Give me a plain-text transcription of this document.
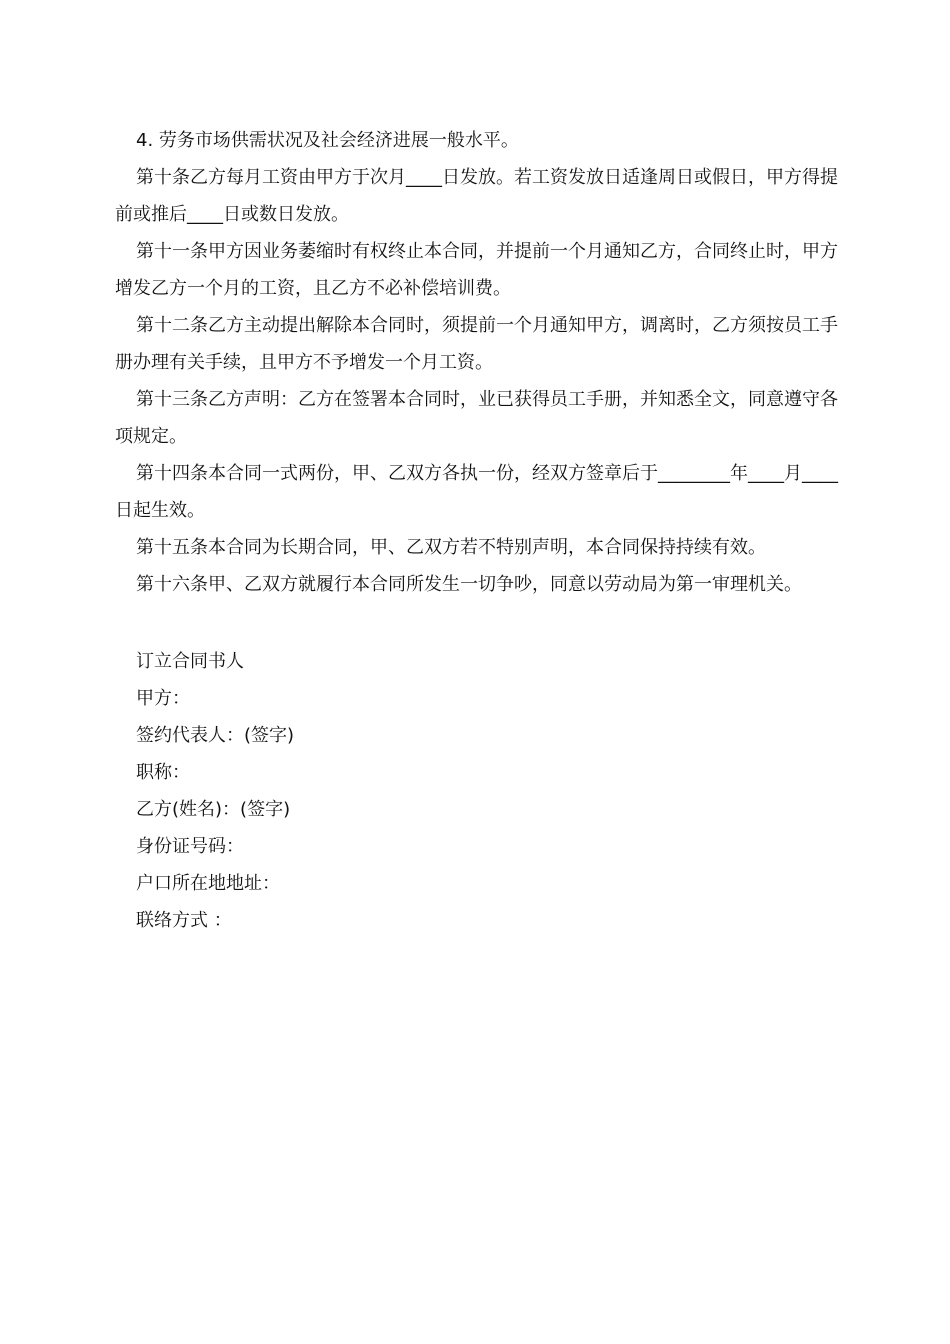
4. 劳务市场供需状况及社会经济进展一般水平。

第十条乙方每月工资由甲方于次月____日发放。若工资发放日适逢周日或假日，甲方得提前或推后____日或数日发放。

第十一条甲方因业务萎缩时有权终止本合同，并提前一个月通知乙方，合同终止时，甲方增发乙方一个月的工资，且乙方不必补偿培训费。

第十二条乙方主动提出解除本合同时，须提前一个月通知甲方，调离时，乙方须按员工手册办理有关手续，且甲方不予增发一个月工资。

第十三条乙方声明：乙方在签署本合同时，业已获得员工手册，并知悉全文，同意遵守各项规定。

第十四条本合同一式两份，甲、乙双方各执一份，经双方签章后于________年____月____日起生效。

第十五条本合同为长期合同，甲、乙双方若不特别声明，本合同保持持续有效。

第十六条甲、乙双方就履行本合同所发生一切争吵，同意以劳动局为第一审理机关。

订立合同书人

甲方：

签约代表人：(签字)

职称：

乙方(姓名)：(签字)

身份证号码：

户口所在地地址：

联络方式 ：
